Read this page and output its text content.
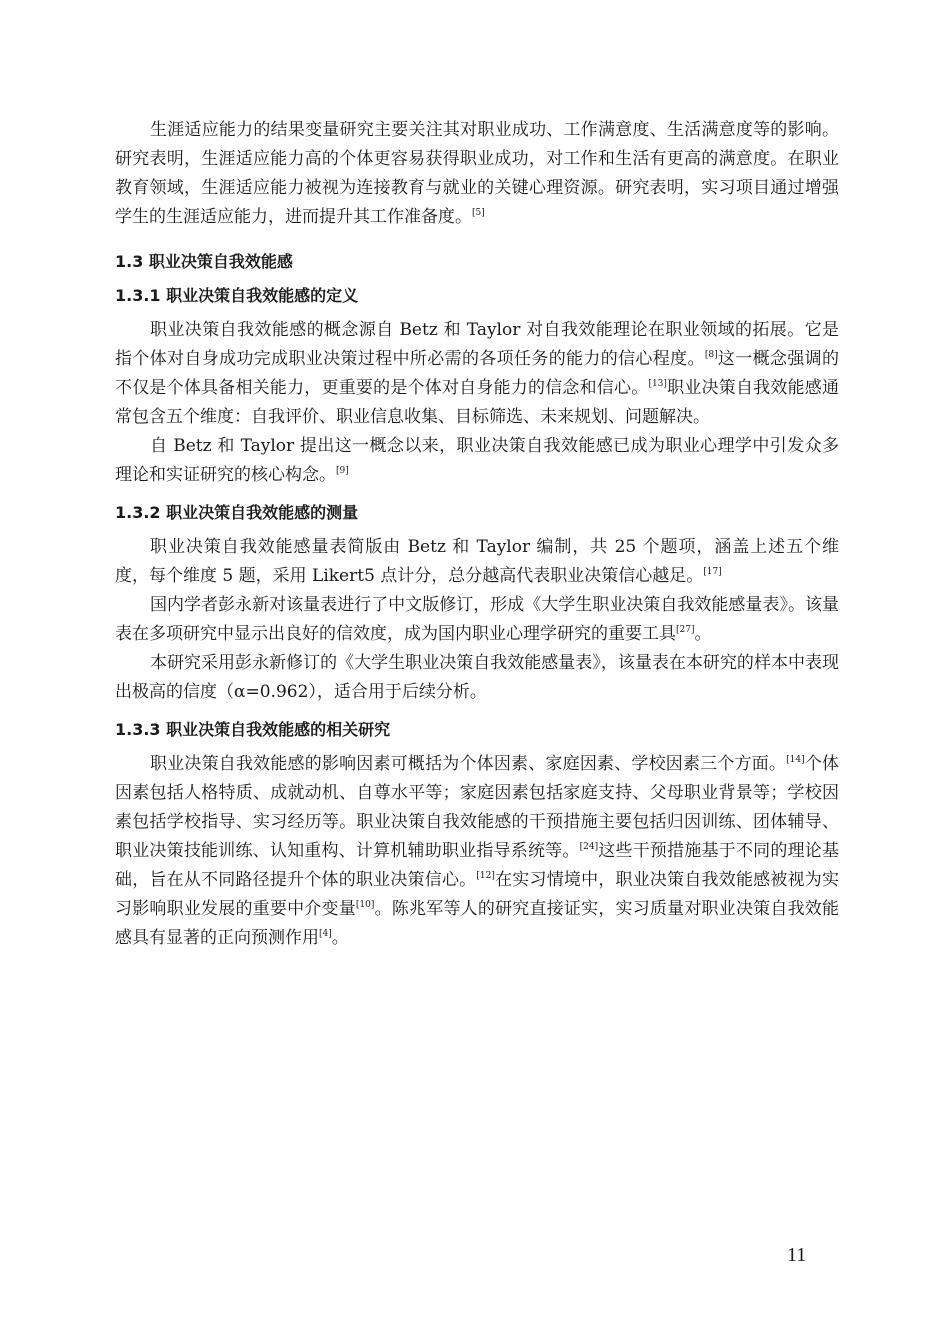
生涯适应能力的结果变量研究主要关注其对职业成功、工作满意度、生活满意度等的影响。研究表明，生涯适应能力高的个体更容易获得职业成功，对工作和生活有更高的满意度。在职业教育领域，生涯适应能力被视为连接教育与就业的关键心理资源。研究表明，实习项目通过增强学生的生涯适应能力，进而提升其工作准备度。[5]

1.3 职业决策自我效能感
1.3.1 职业决策自我效能感的定义

职业决策自我效能感的概念源自 Betz 和 Taylor 对自我效能理论在职业领域的拓展。它是指个体对自身成功完成职业决策过程中所必需的各项任务的能力的信心程度。[8]这一概念强调的不仅是个体具备相关能力，更重要的是个体对自身能力的信念和信心。[13]职业决策自我效能感通常包含五个维度：自我评价、职业信息收集、目标筛选、未来规划、问题解决。

自 Betz 和 Taylor 提出这一概念以来，职业决策自我效能感已成为职业心理学中引发众多理论和实证研究的核心构念。[9]

1.3.2 职业决策自我效能感的测量

职业决策自我效能感量表简版由 Betz 和 Taylor 编制，共 25 个题项，涵盖上述五个维度，每个维度 5 题，采用 Likert5 点计分，总分越高代表职业决策信心越足。[17]

国内学者彭永新对该量表进行了中文版修订，形成《大学生职业决策自我效能感量表》。该量表在多项研究中显示出良好的信效度，成为国内职业心理学研究的重要工具[27]。

本研究采用彭永新修订的《大学生职业决策自我效能感量表》，该量表在本研究的样本中表现出极高的信度（α=0.962），适合用于后续分析。

1.3.3 职业决策自我效能感的相关研究

职业决策自我效能感的影响因素可概括为个体因素、家庭因素、学校因素三个方面。[14]个体因素包括人格特质、成就动机、自尊水平等；家庭因素包括家庭支持、父母职业背景等；学校因素包括学校指导、实习经历等。职业决策自我效能感的干预措施主要包括归因训练、团体辅导、职业决策技能训练、认知重构、计算机辅助职业指导系统等。[24]这些干预措施基于不同的理论基础，旨在从不同路径提升个体的职业决策信心。[12]在实习情境中，职业决策自我效能感被视为实习影响职业发展的重要中介变量[10]。陈兆军等人的研究直接证实，实习质量对职业决策自我效能感具有显著的正向预测作用[4]。

11
